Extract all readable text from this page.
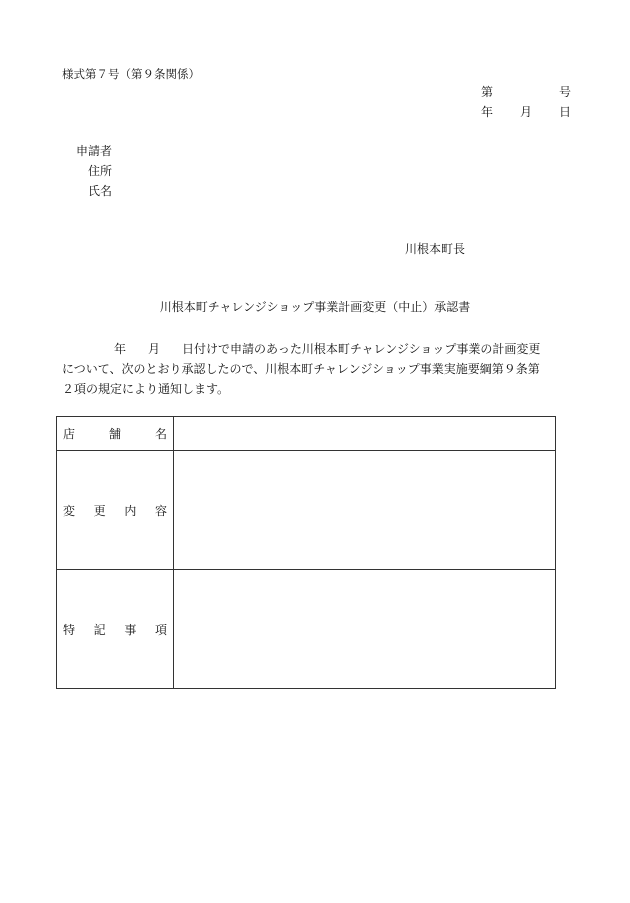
様式第７号（第９条関係）
第	号
年 月 日
申請者
住所
氏名
川根本町長
川根本町チャレンジショップ事業計画変更（中止）承認書

年 月 日付けで申請のあった川根本町チャレンジショップ事業の計画変更

について、次のとおり承認したので、川根本町チャレンジショップ事業実施要綱第９条第

２項の規定により通知します。

店 舗 名	

変 更 内 容	

特 記 事 項	
